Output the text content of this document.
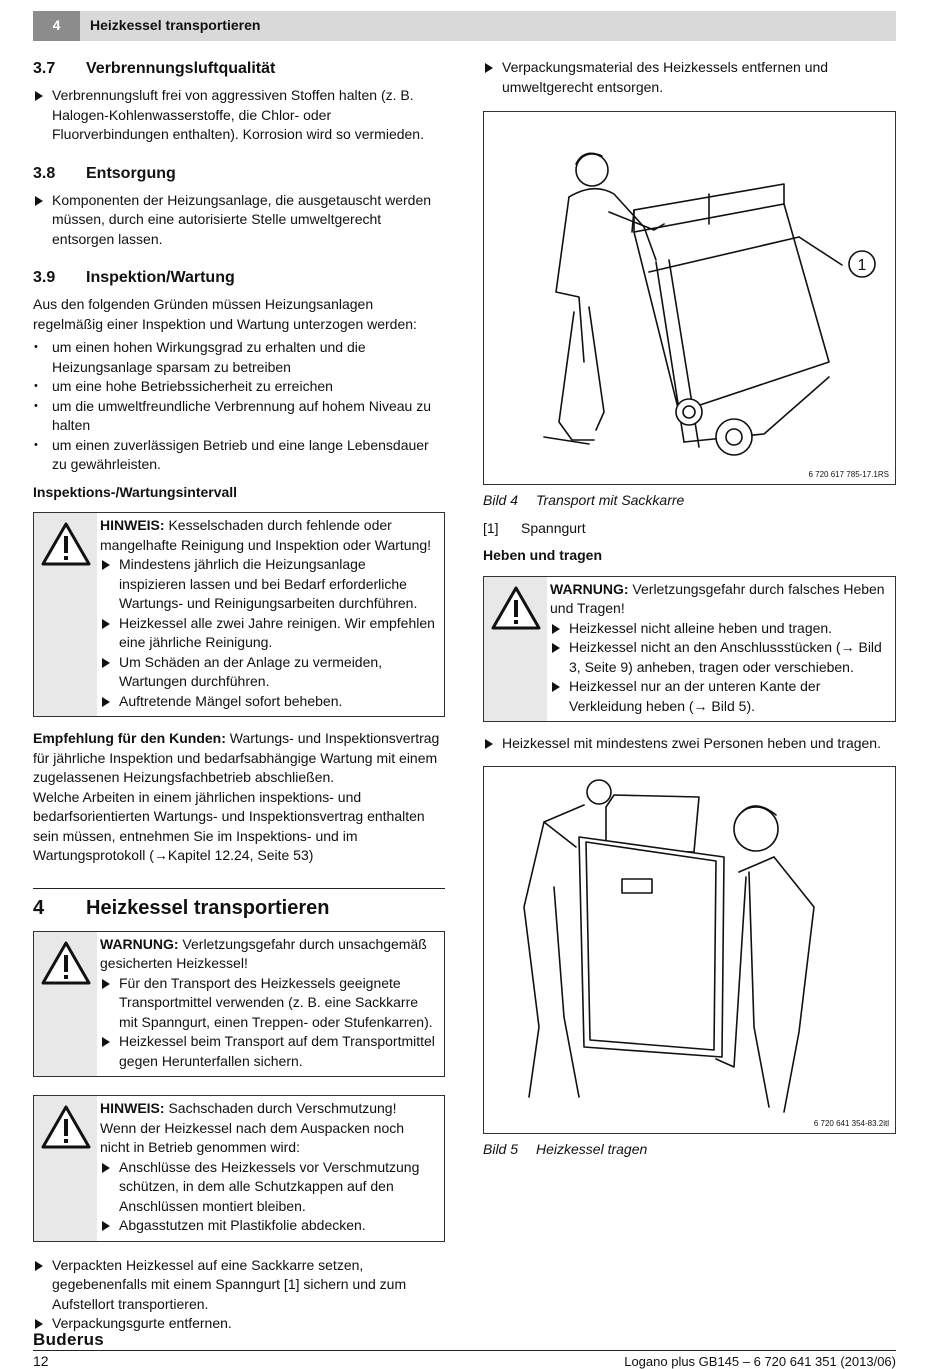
4	Heizkessel transportieren
3.7	Verbrennungsluftqualität
Verbrennungsluft frei von aggressiven Stoffen halten (z. B. Halogen-Kohlenwasserstoffe, die Chlor- oder Fluorverbindungen enthalten). Korrosion wird so vermieden.
3.8	Entsorgung
Komponenten der Heizungsanlage, die ausgetauscht werden müssen, durch eine autorisierte Stelle umweltgerecht entsorgen lassen.
3.9	Inspektion/Wartung

Aus den folgenden Gründen müssen Heizungsanlagen regelmäßig einer Inspektion und Wartung unterzogen werden:

• um einen hohen Wirkungsgrad zu erhalten und die Heizungsanlage sparsam zu betreiben
• um eine hohe Betriebssicherheit zu erreichen
• um die umweltfreundliche Verbrennung auf hohem Niveau zu halten
• um einen zuverlässigen Betrieb und eine lange Lebensdauer zu gewährleisten.
Inspektions-/Wartungsintervall
HINWEIS: Kesselschaden durch fehlende oder mangelhafte Reinigung und Inspektion oder Wartung!
Mindestens jährlich die Heizungsanlage inspizieren lassen und bei Bedarf erforderliche Wartungs- und Reinigungsarbeiten durchführen.
Heizkessel alle zwei Jahre reinigen. Wir empfehlen eine jährliche Reinigung.
Um Schäden an der Anlage zu vermeiden, Wartungen durchführen.
Auftretende Mängel sofort beheben.

Empfehlung für den Kunden: Wartungs- und Inspektionsvertrag für jährliche Inspektion und bedarfsabhängige Wartung mit einem zugelassenen Heizungsfachbetrieb abschließen.

Welche Arbeiten in einem jährlichen inspektions- und bedarfsorientierten Wartungs- und Inspektionsvertrag enthalten sein müssen, entnehmen Sie im Inspektions- und im Wartungsprotokoll (→Kapitel 12.24, Seite 53)

4	Heizkessel transportieren
WARNUNG: Verletzungsgefahr durch unsachgemäß gesicherten Heizkessel!
Für den Transport des Heizkessels geeignete Transportmittel verwenden (z. B. eine Sackkarre mit Spanngurt, einen Treppen- oder Stufenkarren).
Heizkessel beim Transport auf dem Transportmittel gegen Herunterfallen sichern.
HINWEIS: Sachschaden durch Verschmutzung!
Wenn der Heizkessel nach dem Auspacken noch nicht in Betrieb genommen wird:
Anschlüsse des Heizkessels vor Verschmutzung schützen, in dem alle Schutzkappen auf den Anschlüssen montiert bleiben.
Abgasstutzen mit Plastikfolie abdecken.
Verpackten Heizkessel auf eine Sackkarre setzen, gegebenenfalls mit einem Spanngurt [1] sichern und zum Aufstellort transportieren.
Verpackungsgurte entfernen.
Verpackungsmaterial des Heizkessels entfernen und umweltgerecht entsorgen.
1
6 720 617 785-17.1RS
Bild 4	Transport mit Sackkarre
[1]	Spanngurt
Heben und tragen
WARNUNG: Verletzungsgefahr durch falsches Heben und Tragen!
Heizkessel nicht alleine heben und tragen.
Heizkessel nicht an den Anschlussstücken (→ Bild 3, Seite 9) anheben, tragen oder verschieben.
Heizkessel nur an der unteren Kante der Verkleidung heben (→ Bild 5).
Heizkessel mit mindestens zwei Personen heben und tragen.
6 720 641 354-83.2itl
Bild 5	Heizkessel tragen
Buderus
12	Logano plus GB145 – 6 720 641 351 (2013/06)
